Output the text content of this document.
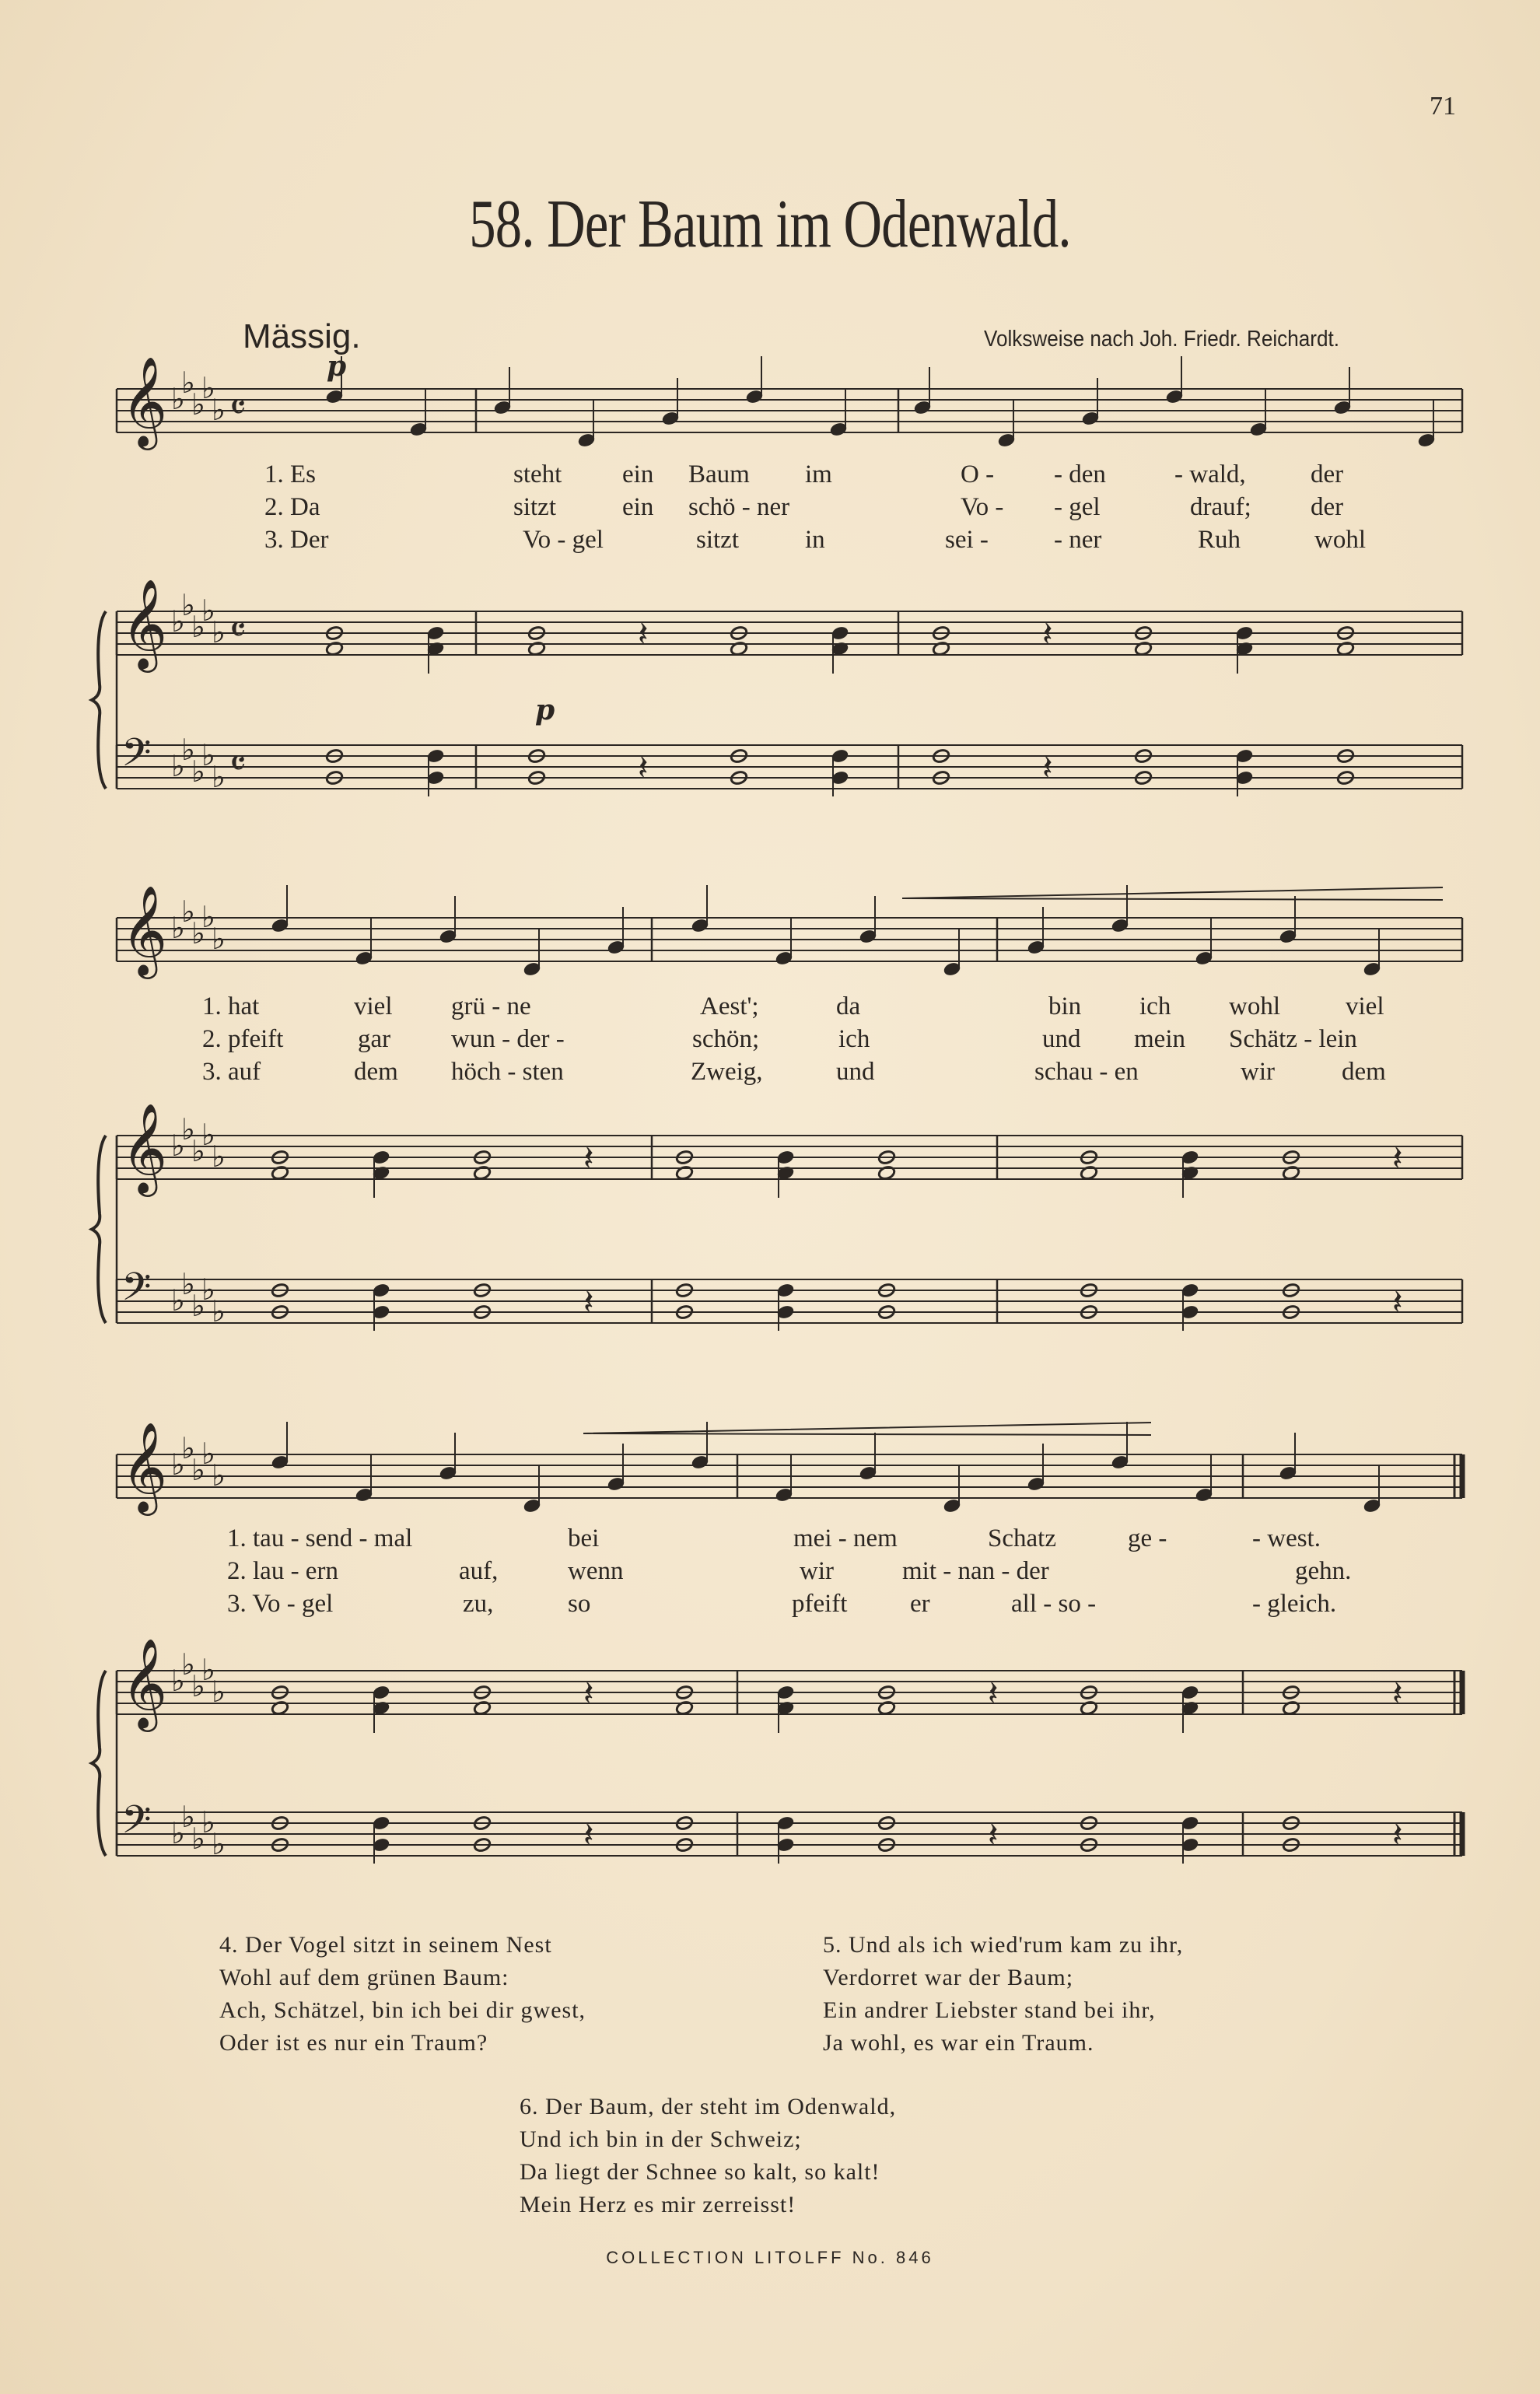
71
58. Der Baum im Odenwald.
Mässig.	Volksweise nach Joh. Friedr. Reichardt.
p
p
𝄞 ♭
♭
♭
♭
♭ 𝄴
𝄞 ♭
♭
♭
♭
♭ 𝄴
𝄢 ♭
♭
♭
♭
♭ 𝄴
𝄽
𝄽
𝄽
𝄽
𝄞 ♭
♭
♭
♭
♭
𝄞 ♭
♭
♭
♭
♭
𝄢 ♭
♭
♭
♭
♭
𝄽
𝄽
𝄽
𝄽
𝄞 ♭
♭
♭
♭
♭
𝄞 ♭
♭
♭
♭
♭
𝄢 ♭
♭
♭
♭
♭
𝄽
𝄽
𝄽
𝄽
𝄽
𝄽
1. Es	steht ein Baum im	O - - den	- wald,	der
2. Da	sitzt	ein schö - ner	Vo - - gel	drauf; der
3. Der	Vo - gel	sitzt	in	sei -	- ner	Ruh	wohl
1. hat	viel grü - ne	Aest';	da	bin ich wohl	viel
2. pfeift	gar wun - der -	schön;	ich	und mein Schätz - lein
3. auf	dem höch - sten	Zweig,	und	schau - en	wir	dem
1. tau - send - mal	bei	mei - nem	Schatz	ge -	- west.
2. lau - ern	auf,	wenn	wir	mit - nan - der	gehn.
3. Vo - gel	zu,	so	pfeift er	all - so -	- gleich.
4. Der Vogel sitzt in seinem Nest
Wohl auf dem grünen Baum:
Ach, Schätzel, bin ich bei dir gwest,
Oder ist es nur ein Traum?
5. Und als ich wied'rum kam zu ihr,
Verdorret war der Baum;
Ein andrer Liebster stand bei ihr,
Ja wohl, es war ein Traum.
6. Der Baum, der steht im Odenwald,
Und ich bin in der Schweiz;
Da liegt der Schnee so kalt, so kalt!
Mein Herz es mir zerreisst!
COLLECTION LITOLFF No. 846
